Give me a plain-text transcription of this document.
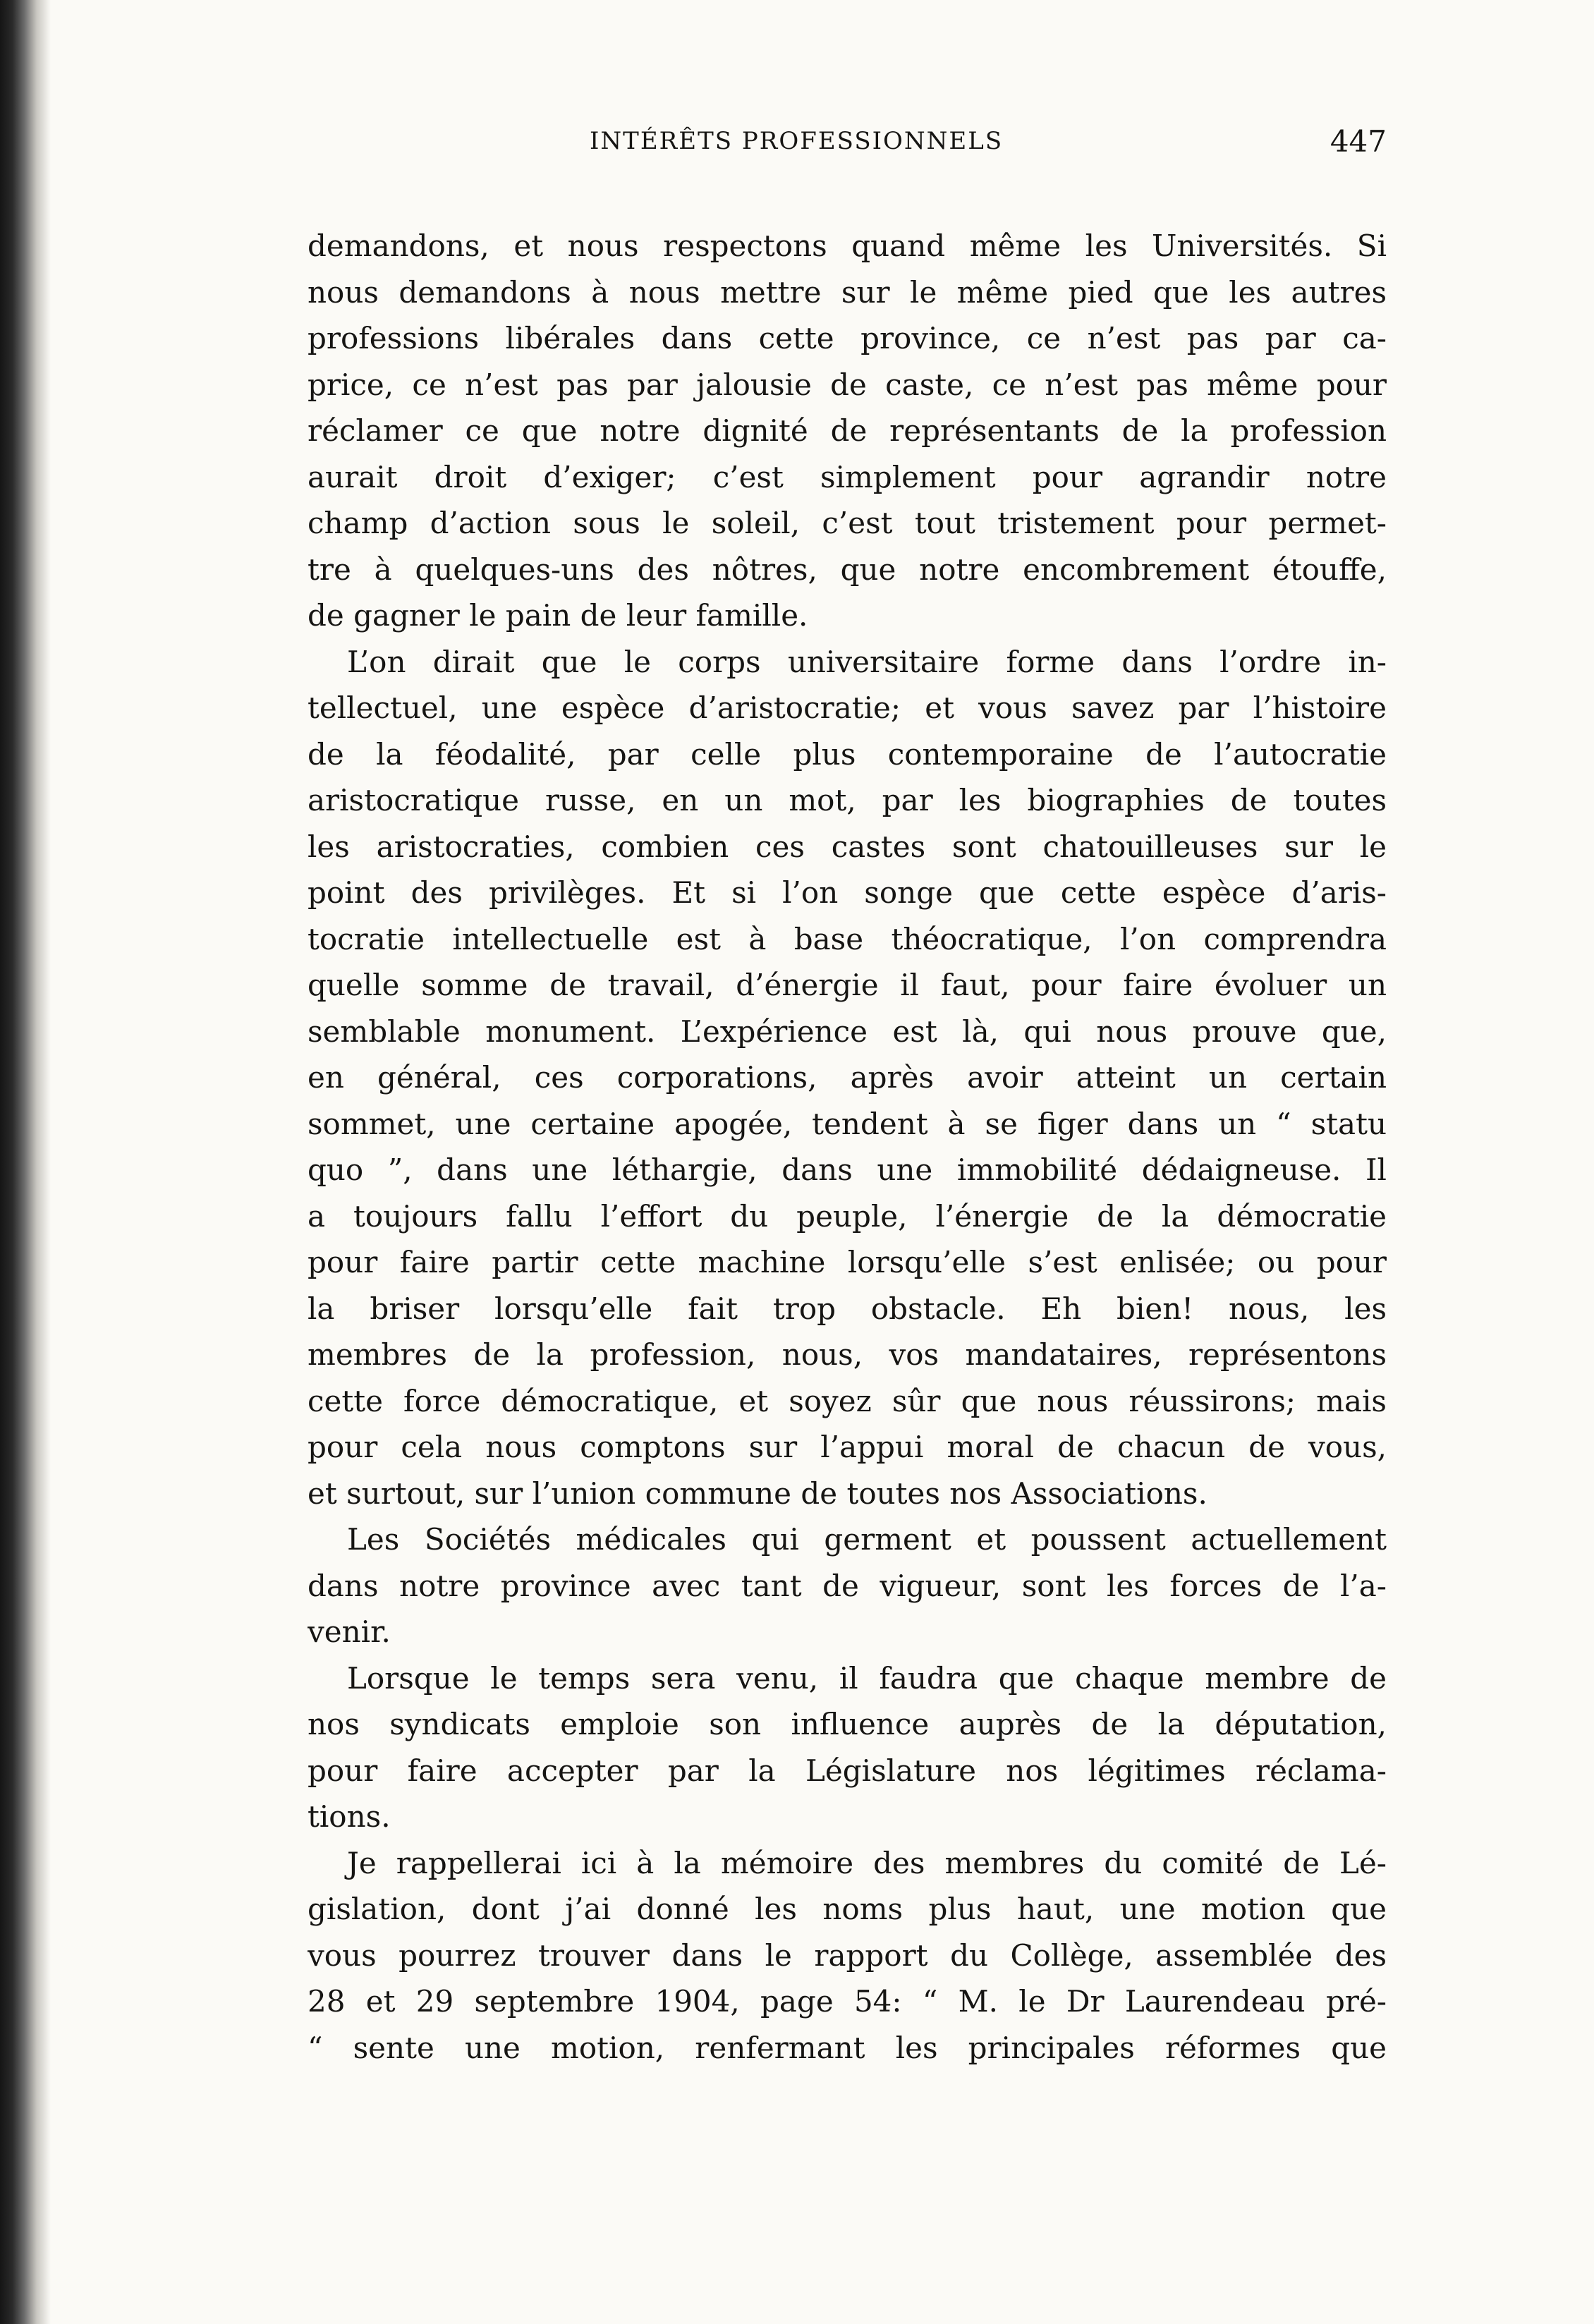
INTÉRÊTS PROFESSIONNELS	447
demandons, et nous respectons quand même les Universités. Si
nous demandons à nous mettre sur le même pied que les autres
professions libérales dans cette province, ce n’est pas par ca-
price, ce n’est pas par jalousie de caste, ce n’est pas même pour
réclamer ce que notre dignité de représentants de la profession
aurait droit d’exiger; c’est simplement pour agrandir notre
champ d’action sous le soleil, c’est tout tristement pour permet-
tre à quelques-uns des nôtres, que notre encombrement étouffe,
de gagner le pain de leur famille.
L’on dirait que le corps universitaire forme dans l’ordre in-
tellectuel, une espèce d’aristocratie; et vous savez par l’histoire
de la féodalité, par celle plus contemporaine de l’autocratie
aristocratique russe, en un mot, par les biographies de toutes
les aristocraties, combien ces castes sont chatouilleuses sur le
point des privilèges. Et si l’on songe que cette espèce d’aris-
tocratie intellectuelle est à base théocratique, l’on comprendra
quelle somme de travail, d’énergie il faut, pour faire évoluer un
semblable monument. L’expérience est là, qui nous prouve que,
en général, ces corporations, après avoir atteint un certain
sommet, une certaine apogée, tendent à se figer dans un “ statu
quo ”, dans une léthargie, dans une immobilité dédaigneuse. Il
a toujours fallu l’effort du peuple, l’énergie de la démocratie
pour faire partir cette machine lorsqu’elle s’est enlisée; ou pour
la briser lorsqu’elle fait trop obstacle. Eh bien! nous, les
membres de la profession, nous, vos mandataires, représentons
cette force démocratique, et soyez sûr que nous réussirons; mais
pour cela nous comptons sur l’appui moral de chacun de vous,
et surtout, sur l’union commune de toutes nos Associations.
Les Sociétés médicales qui germent et poussent actuellement
dans notre province avec tant de vigueur, sont les forces de l’a-
venir.
Lorsque le temps sera venu, il faudra que chaque membre de
nos syndicats emploie son influence auprès de la députation,
pour faire accepter par la Législature nos légitimes réclama-
tions.
Je rappellerai ici à la mémoire des membres du comité de Lé-
gislation, dont j’ai donné les noms plus haut, une motion que
vous pourrez trouver dans le rapport du Collège, assemblée des
28 et 29 septembre 1904, page 54: “ M. le Dr Laurendeau pré-
“ sente une motion, renfermant les principales réformes que
